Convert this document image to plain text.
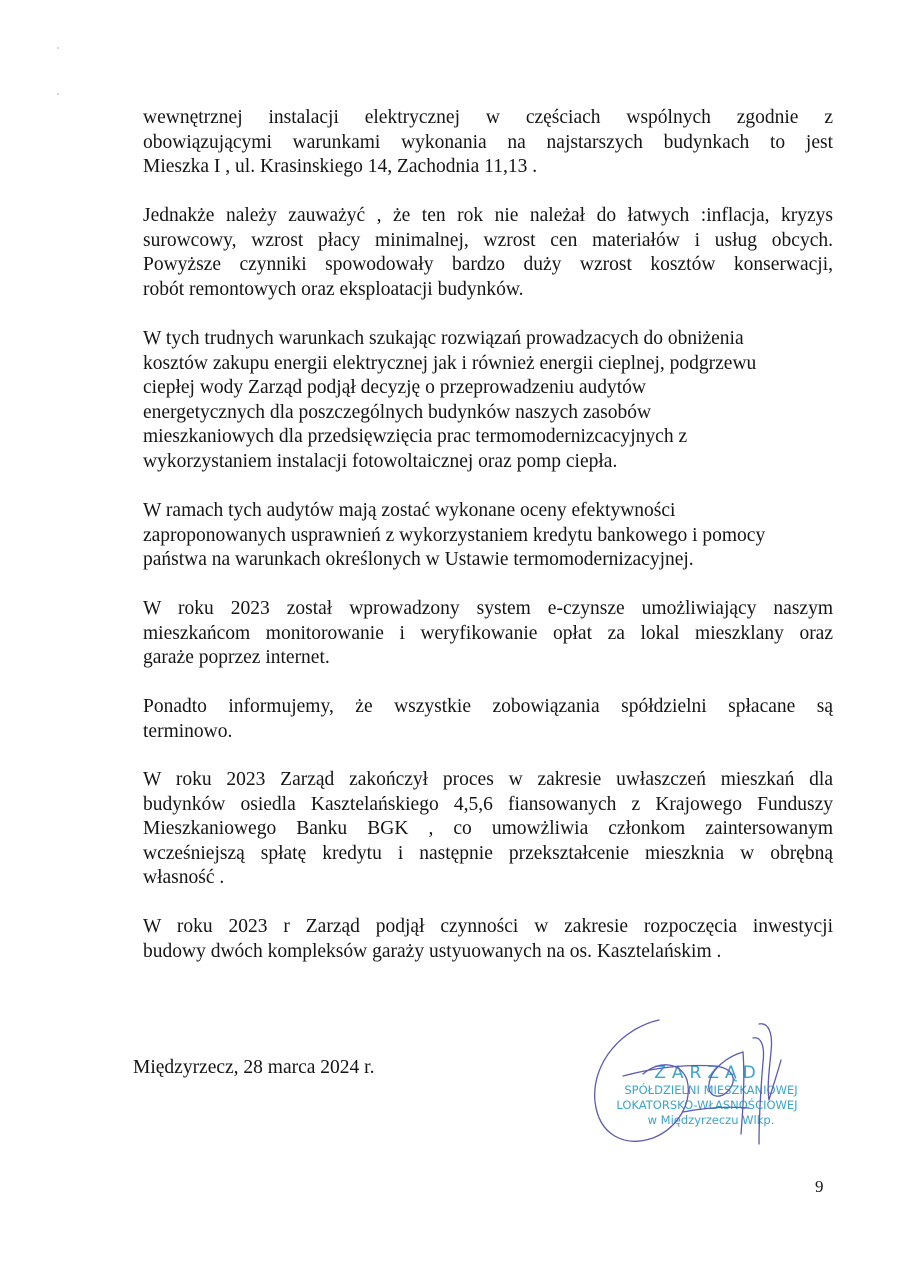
wewnętrznej instalacji elektrycznej w częściach wspólnych zgodnie z
obowiązującymi warunkami wykonania na najstarszych budynkach to jest
Mieszka I , ul. Krasinskiego 14, Zachodnia 11,13 .

Jednakże należy zauważyć , że ten rok nie należał do łatwych :inflacja, kryzys
surowcowy, wzrost płacy minimalnej, wzrost cen materiałów i usług obcych.
Powyższe czynniki spowodowały bardzo duży wzrost kosztów konserwacji,
robót remontowych oraz eksploatacji budynków.

W tych trudnych warunkach szukając rozwiązań prowadzacych do obniżenia
kosztów zakupu energii elektrycznej jak i również energii cieplnej, podgrzewu
ciepłej wody Zarząd podjął decyzję o przeprowadzeniu audytów
energetycznych dla poszczególnych budynków naszych zasobów
mieszkaniowych dla przedsięwzięcia prac termomodernizcacyjnych z
wykorzystaniem instalacji fotowoltaicznej oraz pomp ciepła.

W ramach tych audytów mają zostać wykonane oceny efektywności
zaproponowanych usprawnień z wykorzystaniem kredytu bankowego i pomocy
państwa na warunkach określonych w Ustawie termomodernizacyjnej.

W roku 2023 został wprowadzony system e-czynsze umożliwiający naszym
mieszkańcom monitorowanie i weryfikowanie opłat za lokal mieszklany oraz
garaże poprzez internet.

Ponadto informujemy, że wszystkie zobowiązania spółdzielni spłacane są
terminowo.

W roku 2023 Zarząd zakończył proces w zakresie uwłaszczeń mieszkań dla
budynków osiedla Kasztelańskiego 4,5,6 fiansowanych z Krajowego Funduszy
Mieszkaniowego Banku BGK , co umowżliwia członkom zaintersowanym
wcześniejszą spłatę kredytu i następnie przekształcenie mieszknia w obrębną
własność .

W roku 2023 r Zarząd podjął czynności w zakresie rozpoczęcia inwestycji
budowy dwóch kompleksów garaży ustyuowanych na os. Kasztelańskim .

Międzyrzecz, 28 marca 2024 r.	ZARZĄD
SPÓŁDZIELNI MIESZKANIOWEJ
LOKATORSKO-WŁASNOŚCIOWEJ
w Międzyrzeczu Wlkp.
9
